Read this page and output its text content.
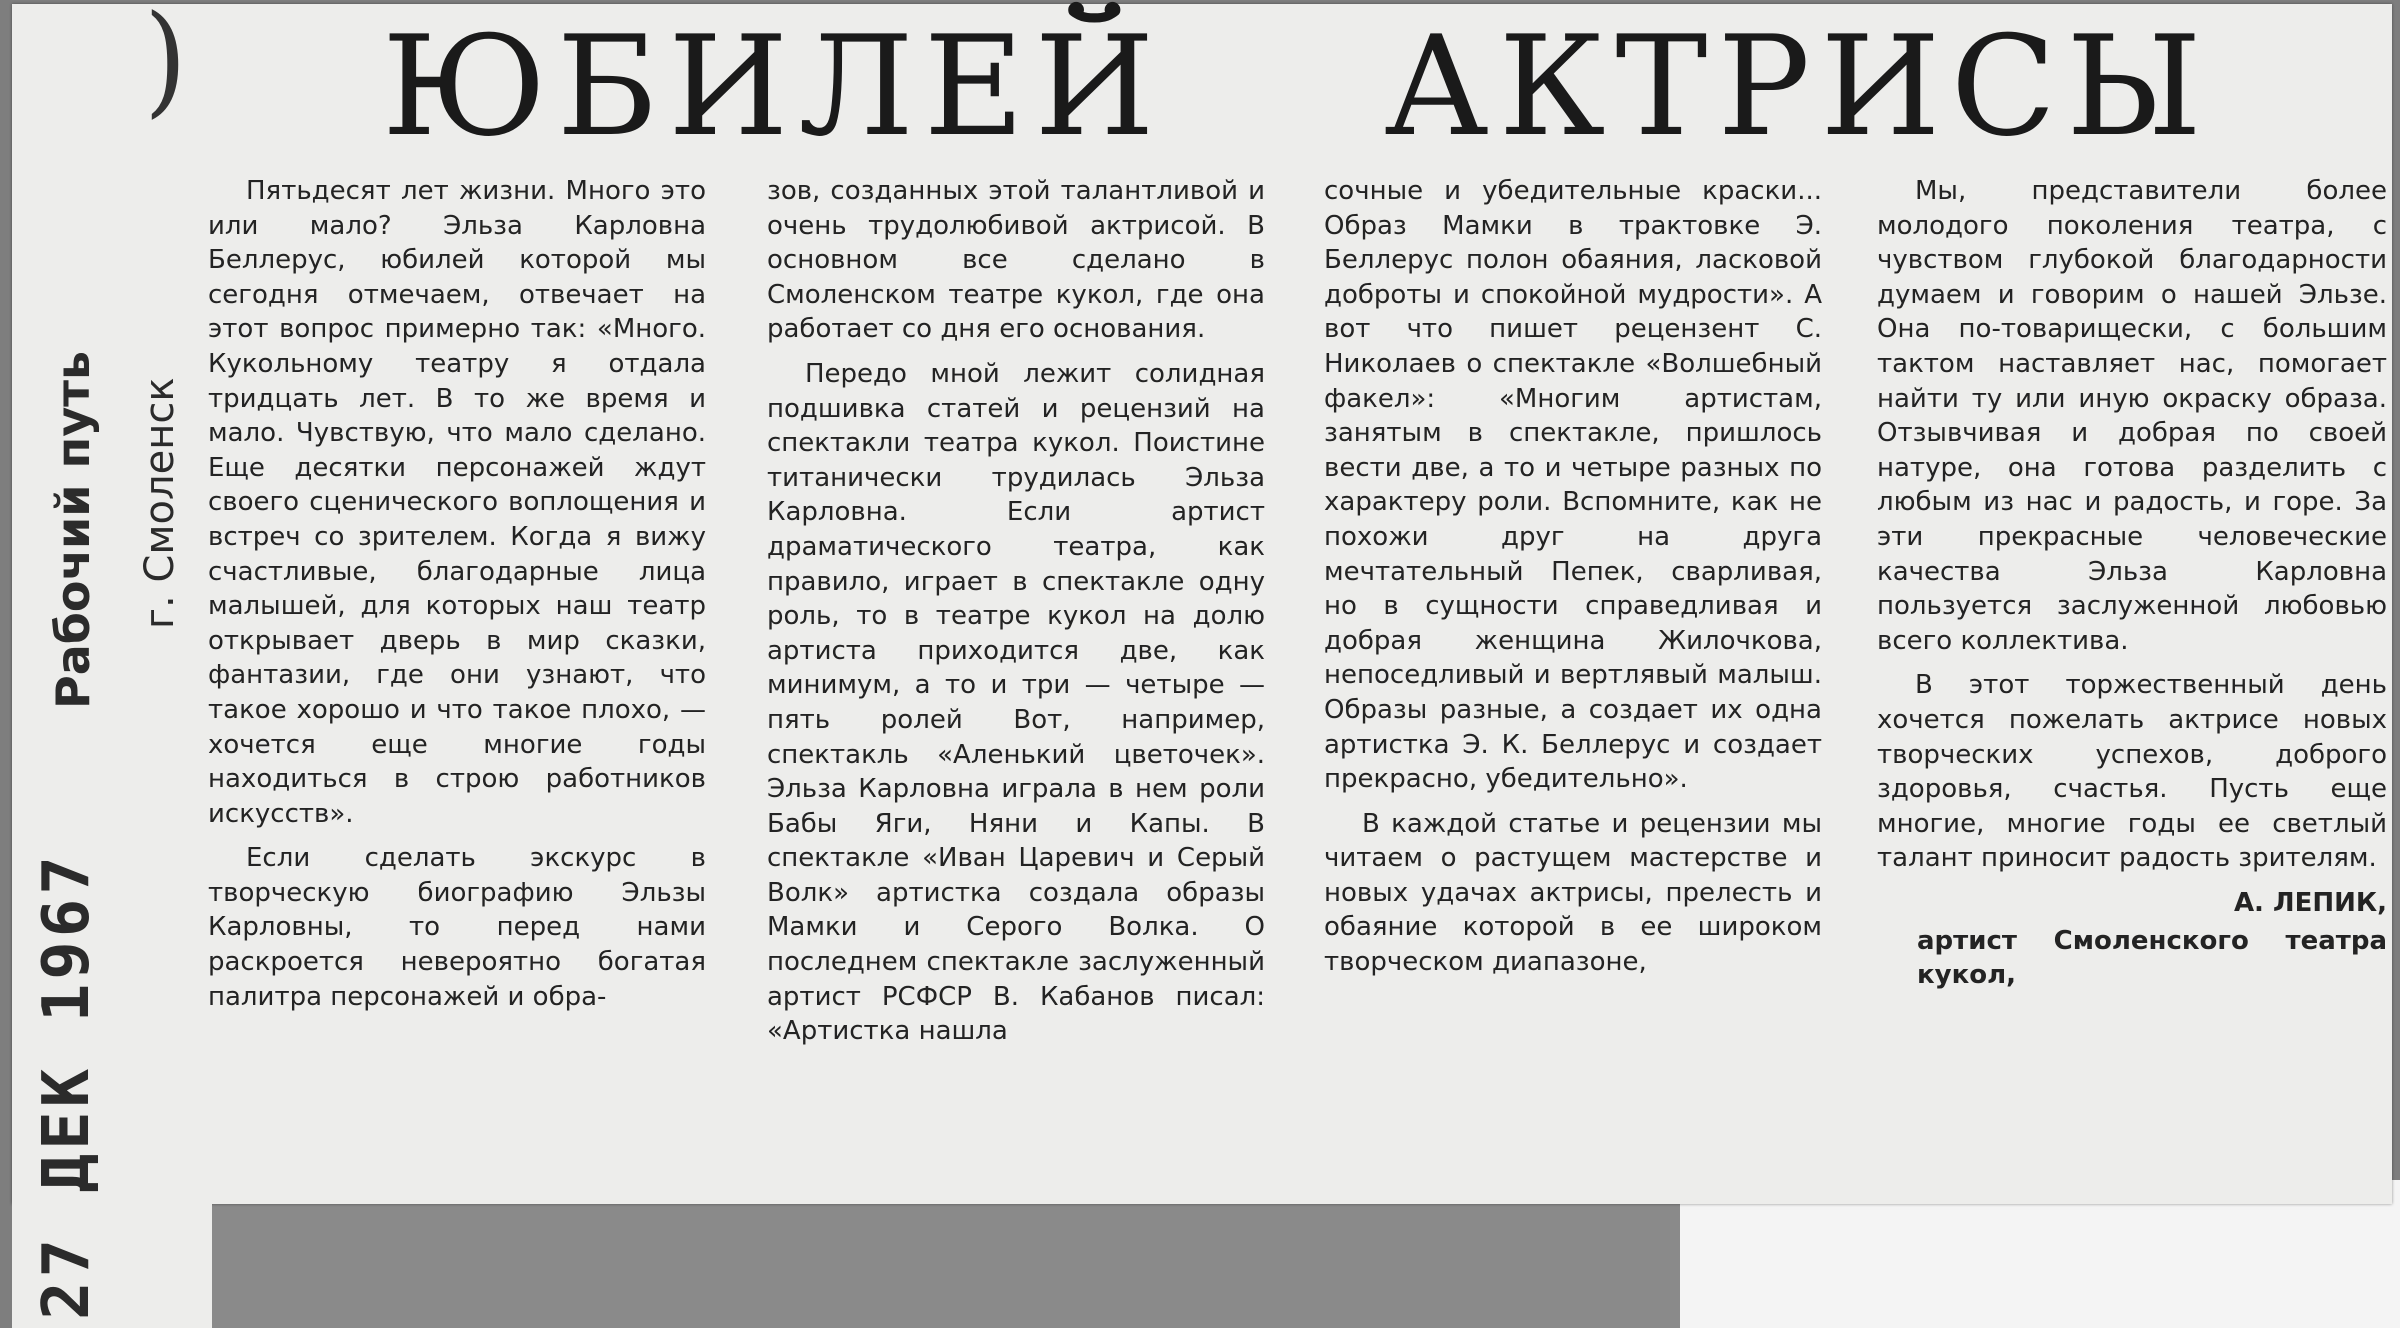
) ЮБИЛЕЙ АКТРИСЫ
Рабочий путь г. Смоленск

Пятьдесят лет жизни. Много это или мало? Эльза Карловна Беллерус, юбилей которой мы сегодня отмечаем, отвечает на этот вопрос примерно так: «Много. Кукольному театру я отдала тридцать лет. В то же время и мало. Чувствую, что мало сделано. Еще десятки персонажей ждут своего сценического воплощения и встреч со зрителем. Когда я вижу счастливые, благодарные лица малышей, для которых наш театр открывает дверь в мир сказки, фантазии, где они узнают, что такое хорошо и что такое плохо, — хочется еще многие годы находиться в строю работников искусств».

Если сделать экскурс в творческую биографию Эльзы Карловны, то перед нами раскроется невероятно богатая палитра персонажей и обра-

зов, созданных этой талантливой и очень трудолюбивой актрисой. В основном все сделано в Смоленском театре кукол, где она работает со дня его основания.

Передо мной лежит солидная подшивка статей и рецензий на спектакли театра кукол. Поистине титанически трудилась Эльза Карловна. Если артист драматического театра, как правило, играет в спектакле одну роль, то в театре кукол на долю артиста приходится две, как минимум, а то и три — четыре — пять ролей Вот, например, спектакль «Аленький цветочек». Эльза Карловна играла в нем роли Бабы Яги, Няни и Капы. В спектакле «Иван Царевич и Серый Волк» артистка создала образы Мамки и Серого Волка. О последнем спектакле заслуженный артист РСФСР В. Кабанов писал: «Артистка нашла

сочные и убедительные краски... Образ Мамки в трактовке Э. Беллерус полон обаяния, ласковой доброты и спокойной мудрости». А вот что пишет рецензент С. Николаев о спектакле «Волшебный факел»: «Многим артистам, занятым в спектакле, пришлось вести две, а то и четыре разных по характеру роли. Вспомните, как не похожи друг на друга мечтательный Пепек, сварливая, но в сущности справедливая и добрая женщина Жилочкова, непоседливый и вертлявый малыш. Образы разные, а создает их одна артистка Э. К. Беллерус и создает прекрасно, убедительно».

В каждой статье и рецензии мы читаем о растущем мастерстве и новых удачах актрисы, прелесть и обаяние которой в ее широком творческом диапазоне,

Мы, представители более молодого поколения театра, с чувством глубокой благодарности думаем и говорим о нашей Эльзе. Она по-товарищески, с большим тактом наставляет нас, помогает найти ту или иную окраску образа. Отзывчивая и добрая по своей натуре, она готова разделить с любым из нас и радость, и горе. За эти прекрасные человеческие качества Эльза Карловна пользуется заслуженной любовью всего коллектива.

В этот торжественный день хочется пожелать актрисе новых творческих успехов, доброго здоровья, счастья. Пусть еще многие, многие годы ее светлый талант приносит радость зрителям.

А. ЛЕПИК,
артист Смоленского театра кукол,
27 ДЕК 1967
